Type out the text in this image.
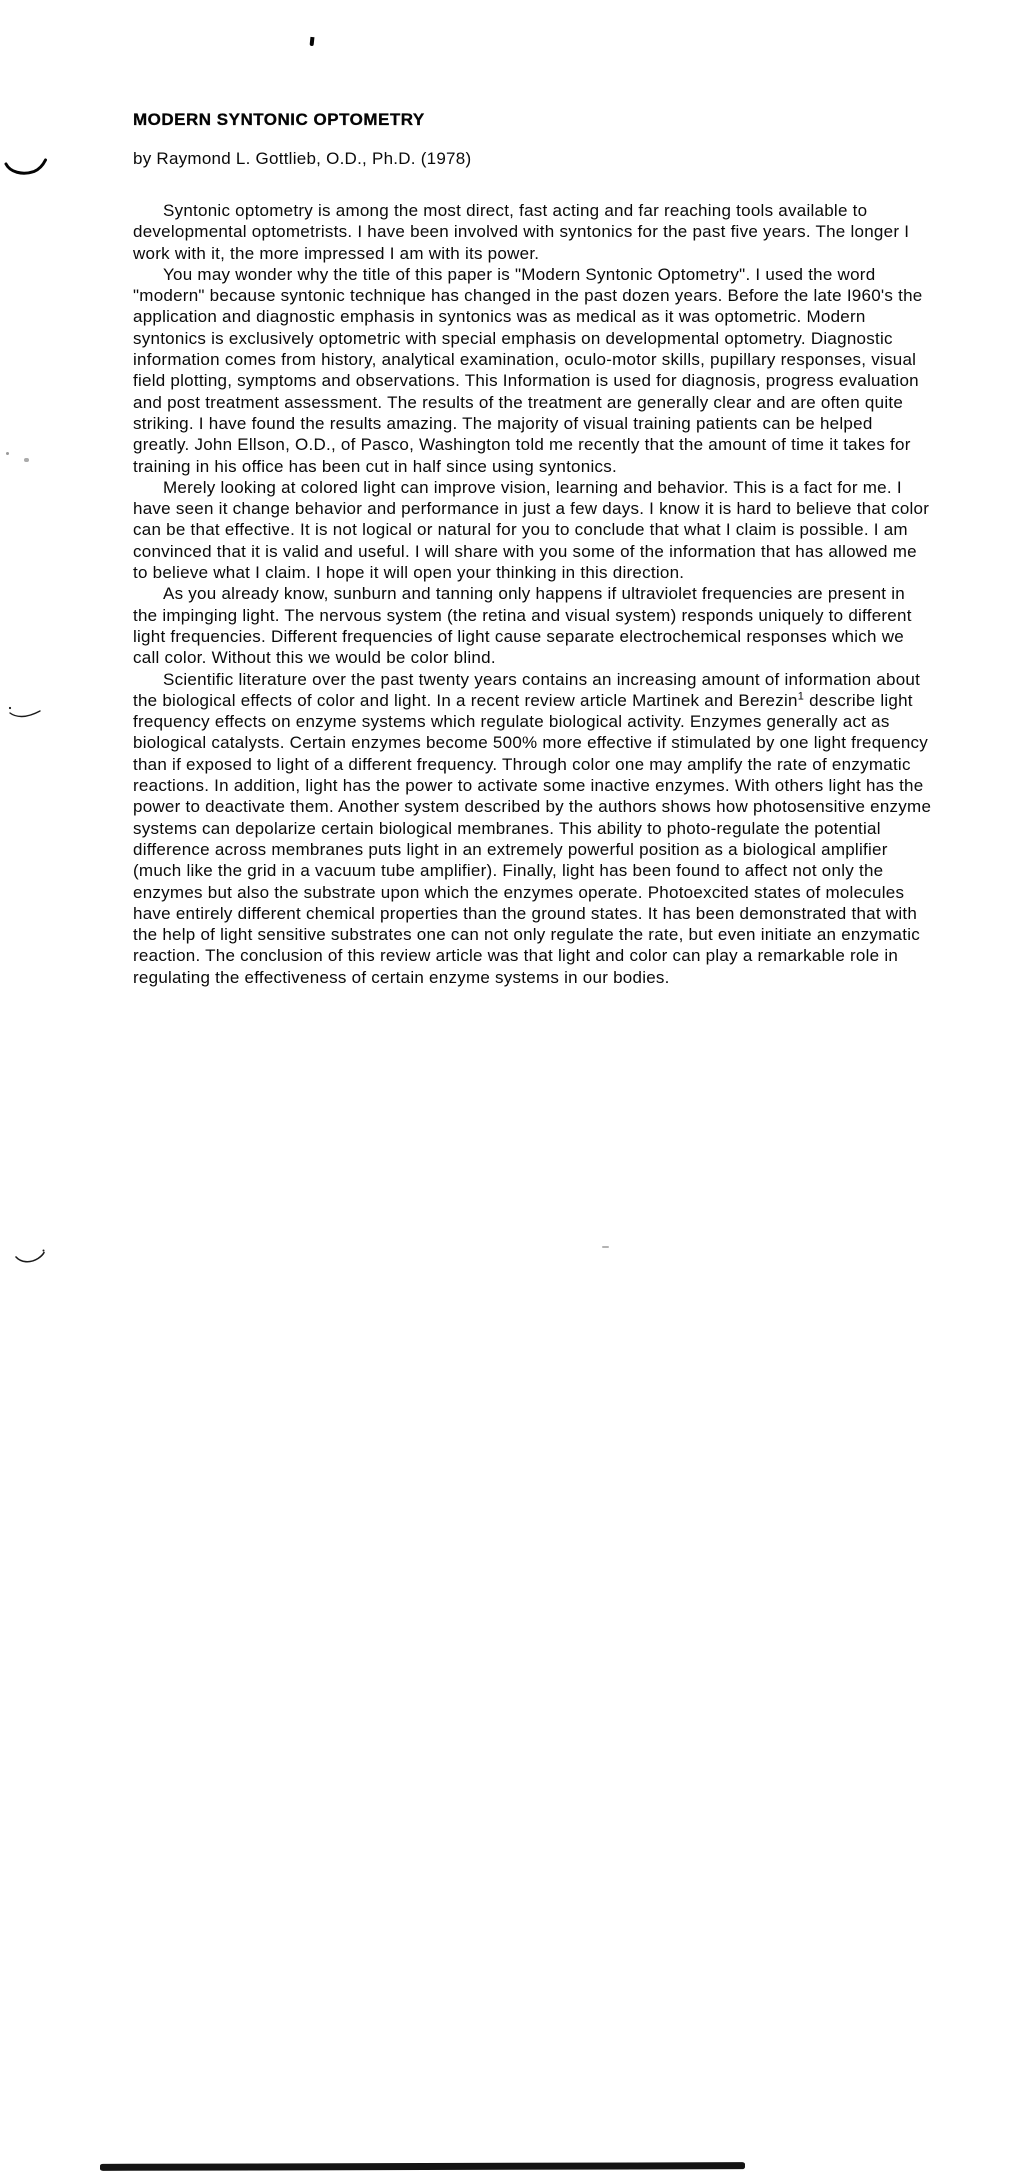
MODERN SYNTONIC OPTOMETRY

by Raymond L. Gottlieb, O.D., Ph.D. (1978)

Syntonic optometry is among the most direct, fast acting and far reaching tools available to developmental optometrists. I have been involved with syntonics for the past five years. The longer I work with it, the more impressed I am with its power.

You may wonder why the title of this paper is "Modern Syntonic Optometry". I used the word "modern" because syntonic technique has changed in the past dozen years. Before the late I960's the application and diagnostic emphasis in syntonics was as medical as it was optometric. Modern syntonics is exclusively optometric with special emphasis on developmental optometry. Diagnostic information comes from history, analytical examination, oculo-motor skills, pupillary responses, visual field plotting, symptoms and observations. This Information is used for diagnosis, progress evaluation and post treatment assessment. The results of the treatment are generally clear and are often quite striking. I have found the results amazing. The majority of visual training patients can be helped greatly. John Ellson, O.D., of Pasco, Washington told me recently that the amount of time it takes for training in his office has been cut in half since using syntonics.

Merely looking at colored light can improve vision, learning and behavior. This is a fact for me. I have seen it change behavior and performance in just a few days. I know it is hard to believe that color can be that effective. It is not logical or natural for you to conclude that what I claim is possible. I am convinced that it is valid and useful. I will share with you some of the information that has allowed me to believe what I claim. I hope it will open your thinking in this direction.

As you already know, sunburn and tanning only happens if ultraviolet frequencies are present in the impinging light. The nervous system (the retina and visual system) responds uniquely to different light frequencies. Different frequencies of light cause separate electrochemical responses which we call color. Without this we would be color blind.

Scientific literature over the past twenty years contains an increasing amount of information about the biological effects of color and light. In a recent review article Martinek and Berezin$^1$ describe light frequency effects on enzyme systems which regulate biological activity. Enzymes generally act as biological catalysts. Certain enzymes become 500% more effective if stimulated by one light frequency than if exposed to light of a different frequency. Through color one may amplify the rate of enzymatic reactions. In addition, light has the power to activate some inactive enzymes. With others light has the power to deactivate them. Another system described by the authors shows how photosensitive enzyme systems can depolarize certain biological membranes. This ability to photo-regulate the potential difference across membranes puts light in an extremely powerful position as a biological amplifier (much like the grid in a vacuum tube amplifier). Finally, light has been found to affect not only the enzymes but also the substrate upon which the enzymes operate. Photoexcited states of molecules have entirely different chemical properties than the ground states. It has been demonstrated that with the help of light sensitive substrates one can not only regulate the rate, but even initiate an enzymatic reaction. The conclusion of this review article was that light and color can play a remarkable role in regulating the effectiveness of certain enzyme systems in our bodies.
